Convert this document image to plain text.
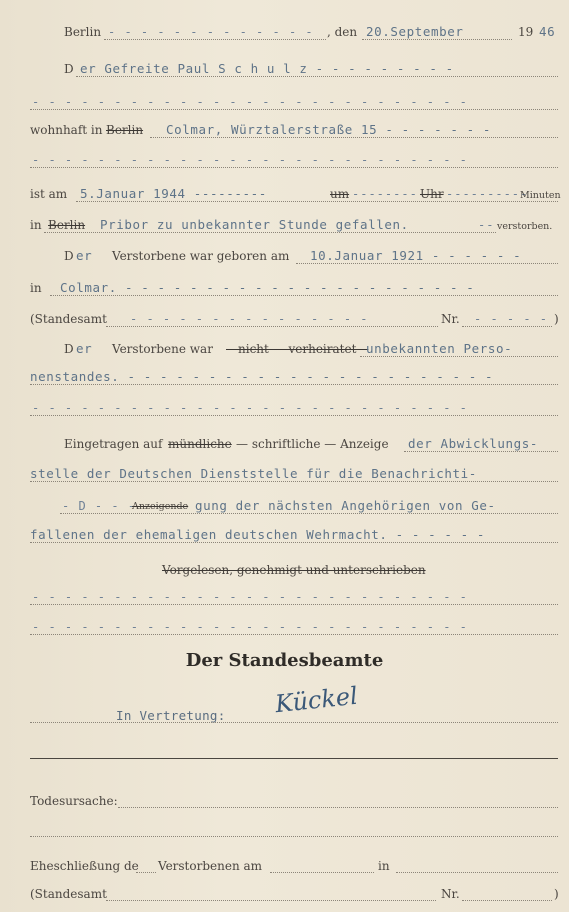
Berlin - - - - - - - - - - - - - , den 20.September	19 46
D er Gefreite Paul S c h u l z - - - - - - - - -
- - - - - - - - - - - - - - - - - - - - - - - - - - -
wohnhaft in Berlin Colmar, Würztalerstraße 15 - - - - - - -
- - - - - - - - - - - - - - - - - - - - - - - - - - -
ist am 5.Januar 1944 ---------	um -------- Uhr ----------
Minuten
in Berlin Pribor zu unbekannter Stunde gefallen.	-- verstorben.
D er Verstorbene war geboren am 10.Januar 1921 - - - - - -
in Colmar. - - - - - - - - - - - - - - - - - - - - - -
(Standesamt - - - - - - - - - - - - - - -	Nr. - - - - - )
D er Verstorbene war —nicht — verheiratet—
unbekannten Perso-
nenstandes. - - - - - - - - - - - - - - - - - - - - - - -
- - - - - - - - - - - - - - - - - - - - - - - - - - -
Eingetragen auf mündliche — schriftliche — Anzeige der Abwicklungs-
stelle der Deutschen Dienststelle für die Benachrichti-
- D - - -
Anzeigende gung der nächsten Angehörigen von Ge-
fallenen der ehemaligen deutschen Wehrmacht. - - - - - -
Vorgelesen, genehmigt und unterschrieben
- - - - - - - - - - - - - - - - - - - - - - - - - - -
- - - - - - - - - - - - - - - - - - - - - - - - - - -
Der Standesbeamte
In Vertretung: Kückel
Todesursache:
Eheschließung de Verstorbenen am	in
(Standesamt	Nr.	)
